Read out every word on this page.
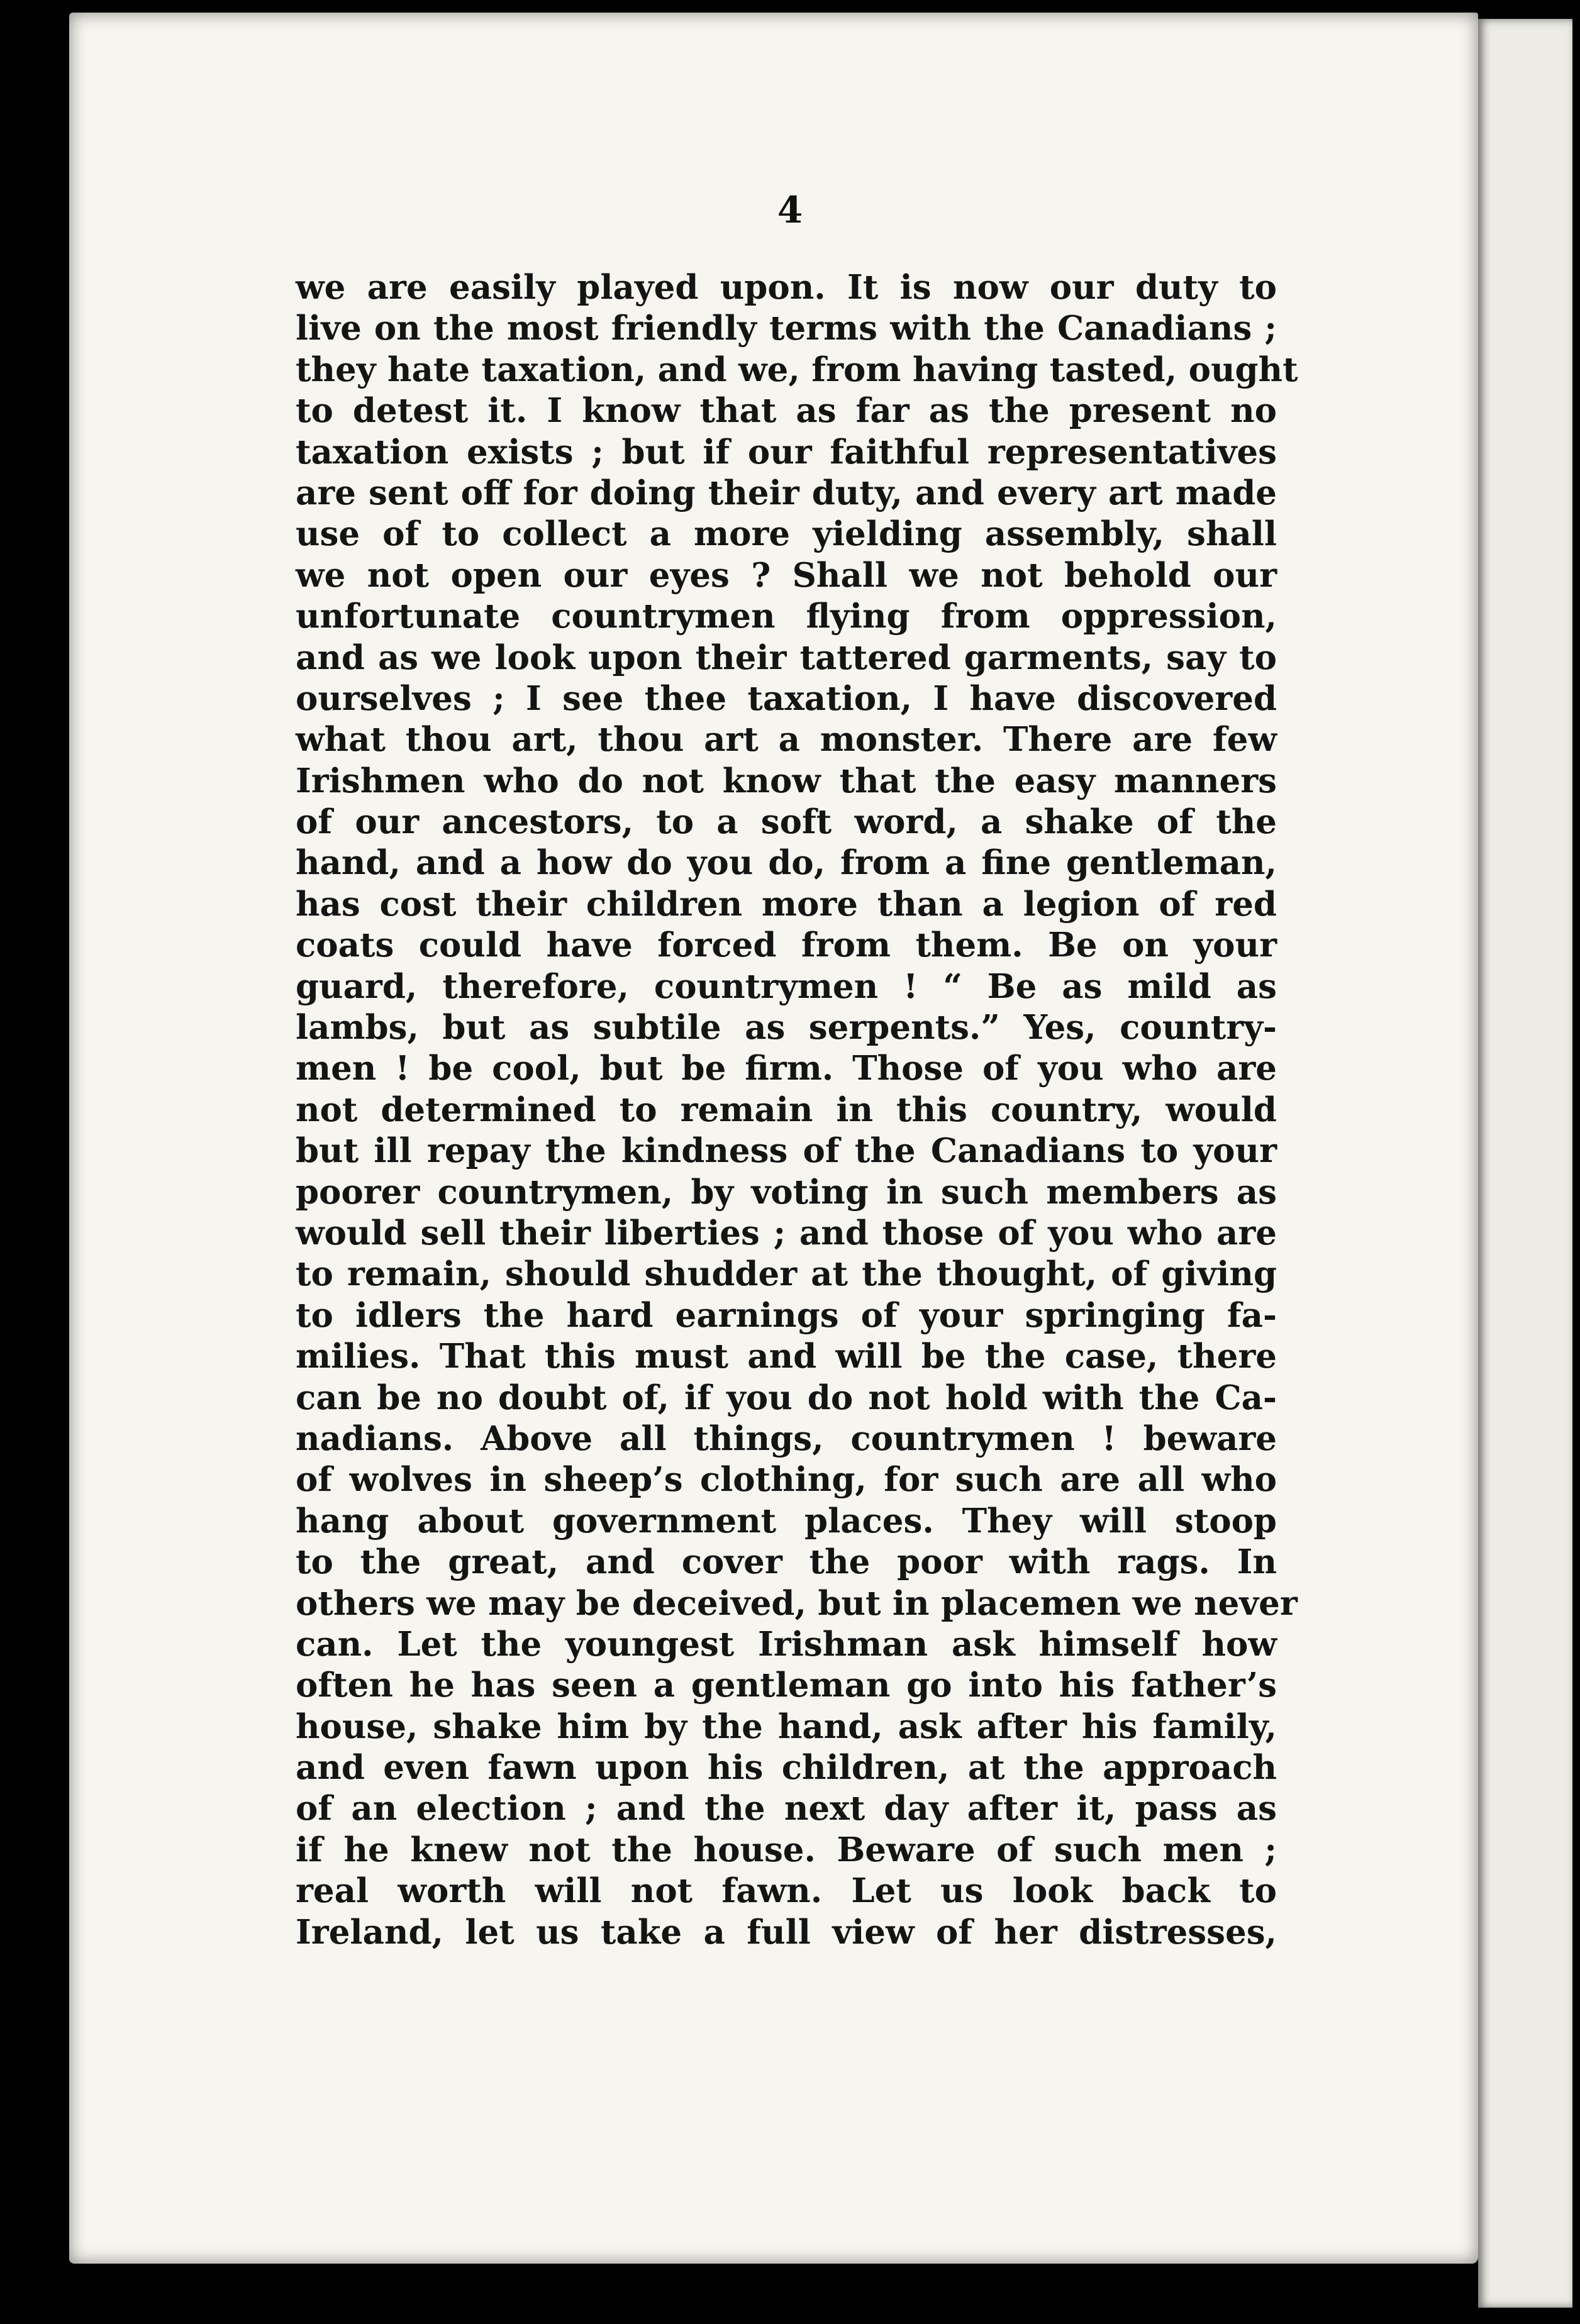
4

we are easily played upon. It is now our duty to
live on the most friendly terms with the Canadians ;
they hate taxation, and we, from having tasted, ought
to detest it. I know that as far as the present no
taxation exists ; but if our faithful representatives
are sent off for doing their duty, and every art made
use of to collect a more yielding assembly, shall
we not open our eyes ? Shall we not behold our
unfortunate countrymen flying from oppression,
and as we look upon their tattered garments, say to
ourselves ; I see thee taxation, I have discovered
what thou art, thou art a monster. There are few
Irishmen who do not know that the easy manners
of our ancestors, to a soft word, a shake of the
hand, and a how do you do, from a fine gentleman,
has cost their children more than a legion of red
coats could have forced from them. Be on your
guard, therefore, countrymen ! “ Be as mild as
lambs, but as subtile as serpents.” Yes, country-
men ! be cool, but be firm. Those of you who are
not determined to remain in this country, would
but ill repay the kindness of the Canadians to your
poorer countrymen, by voting in such members as
would sell their liberties ; and those of you who are
to remain, should shudder at the thought, of giving
to idlers the hard earnings of your springing fa-
milies. That this must and will be the case, there
can be no doubt of, if you do not hold with the Ca-
nadians. Above all things, countrymen ! beware
of wolves in sheep’s clothing, for such are all who
hang about government places. They will stoop
to the great, and cover the poor with rags. In
others we may be deceived, but in placemen we never
can. Let the youngest Irishman ask himself how
often he has seen a gentleman go into his father’s
house, shake him by the hand, ask after his family,
and even fawn upon his children, at the approach
of an election ; and the next day after it, pass as
if he knew not the house. Beware of such men ;
real worth will not fawn. Let us look back to
Ireland, let us take a full view of her distresses,
